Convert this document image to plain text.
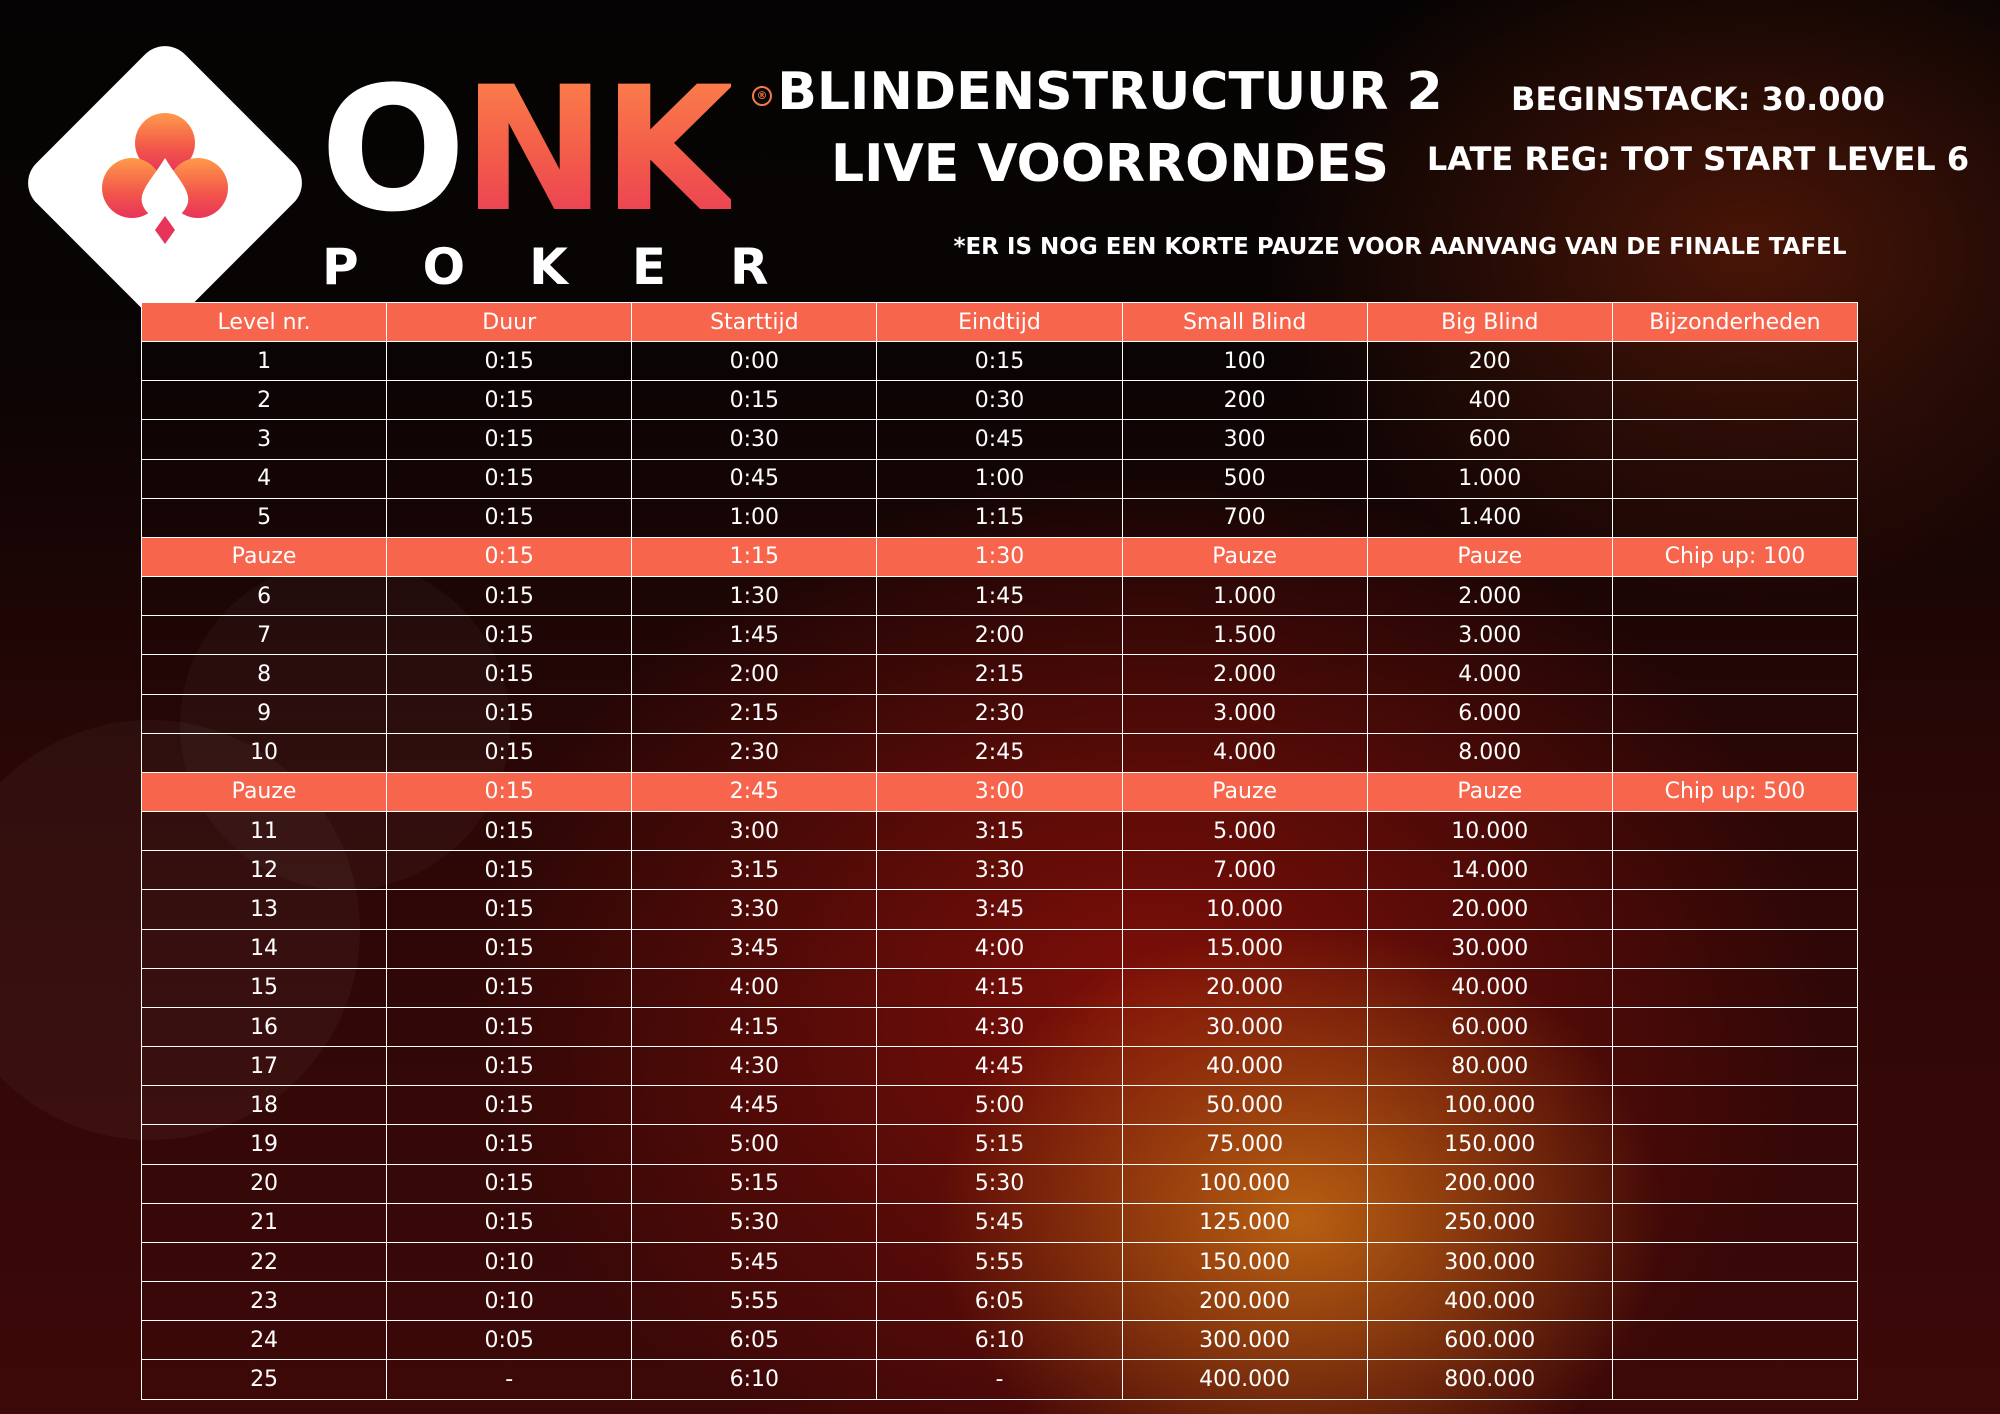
ONK	®
POKER
BLINDENSTRUCTUUR 2
LIVE VOORRONDES
BEGINSTACK: 30.000
LATE REG: TOT START LEVEL 6
*ER IS NOG EEN KORTE PAUZE VOOR AANVANG VAN DE FINALE TAFEL
Level nr.	Duur	Starttijd	Eindtijd	Small Blind	Big Blind	Bijzonderheden
1	0:15	0:00	0:15	100	200	
2	0:15	0:15	0:30	200	400	
3	0:15	0:30	0:45	300	600	
4	0:15	0:45	1:00	500	1.000	
5	0:15	1:00	1:15	700	1.400	
Pauze	0:15	1:15	1:30	Pauze	Pauze	Chip up: 100
6	0:15	1:30	1:45	1.000	2.000	
7	0:15	1:45	2:00	1.500	3.000	
8	0:15	2:00	2:15	2.000	4.000	
9	0:15	2:15	2:30	3.000	6.000	
10	0:15	2:30	2:45	4.000	8.000	
Pauze	0:15	2:45	3:00	Pauze	Pauze	Chip up: 500
11	0:15	3:00	3:15	5.000	10.000	
12	0:15	3:15	3:30	7.000	14.000	
13	0:15	3:30	3:45	10.000	20.000	
14	0:15	3:45	4:00	15.000	30.000	
15	0:15	4:00	4:15	20.000	40.000	
16	0:15	4:15	4:30	30.000	60.000	
17	0:15	4:30	4:45	40.000	80.000	
18	0:15	4:45	5:00	50.000	100.000	
19	0:15	5:00	5:15	75.000	150.000	
20	0:15	5:15	5:30	100.000	200.000	
21	0:15	5:30	5:45	125.000	250.000	
22	0:10	5:45	5:55	150.000	300.000	
23	0:10	5:55	6:05	200.000	400.000	
24	0:05	6:05	6:10	300.000	600.000	
25	-	6:10	-	400.000	800.000	
